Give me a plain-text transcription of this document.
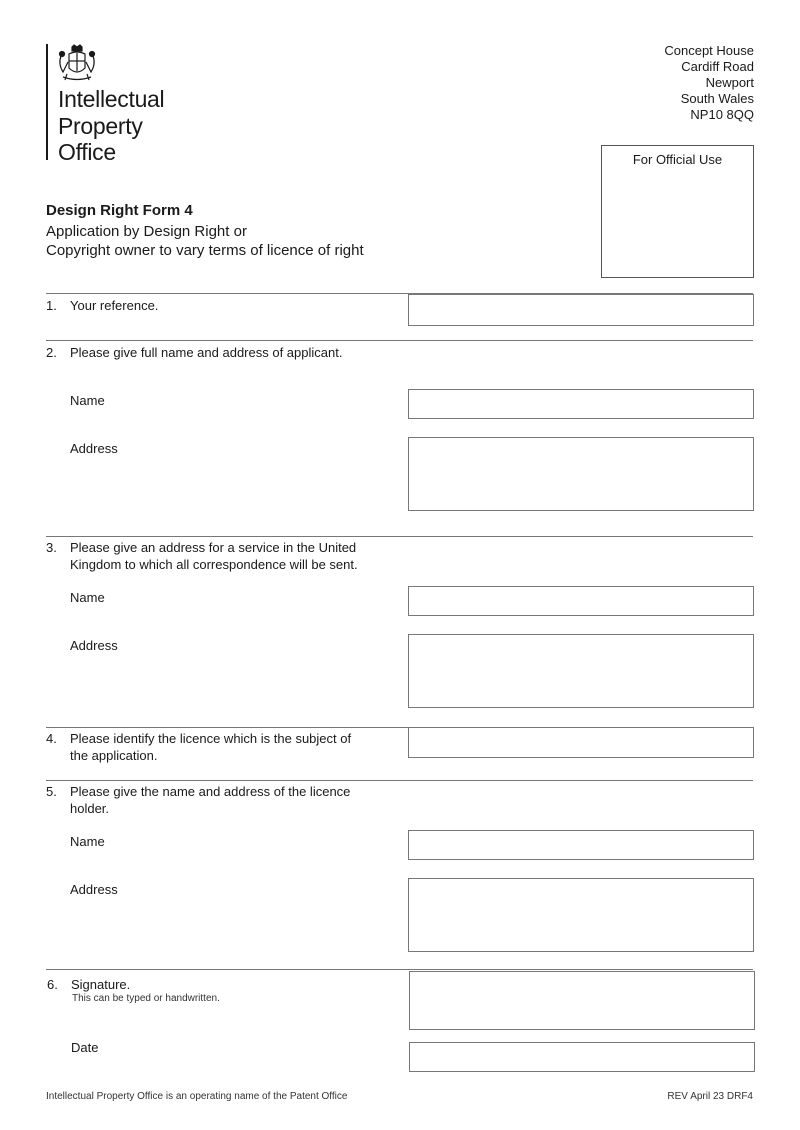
Intellectual
Property
Office
Concept House
Cardiff Road
Newport
South Wales
NP10 8QQ
For Official Use
Design Right Form 4
Application by Design Right or
Copyright owner to vary terms of licence of right
1. Your reference.
2. Please give full name and address of applicant.
Name
Address
3. Please give an address for a service in the United
Kingdom to which all correspondence will be sent.
Name
Address
4. Please identify the licence which is the subject of
the application.
5. Please give the name and address of the licence
holder.
Name
Address
6. Signature.
This can be typed or handwritten.
Date
Intellectual Property Office is an operating name of the Patent Office	REV April 23 DRF4
